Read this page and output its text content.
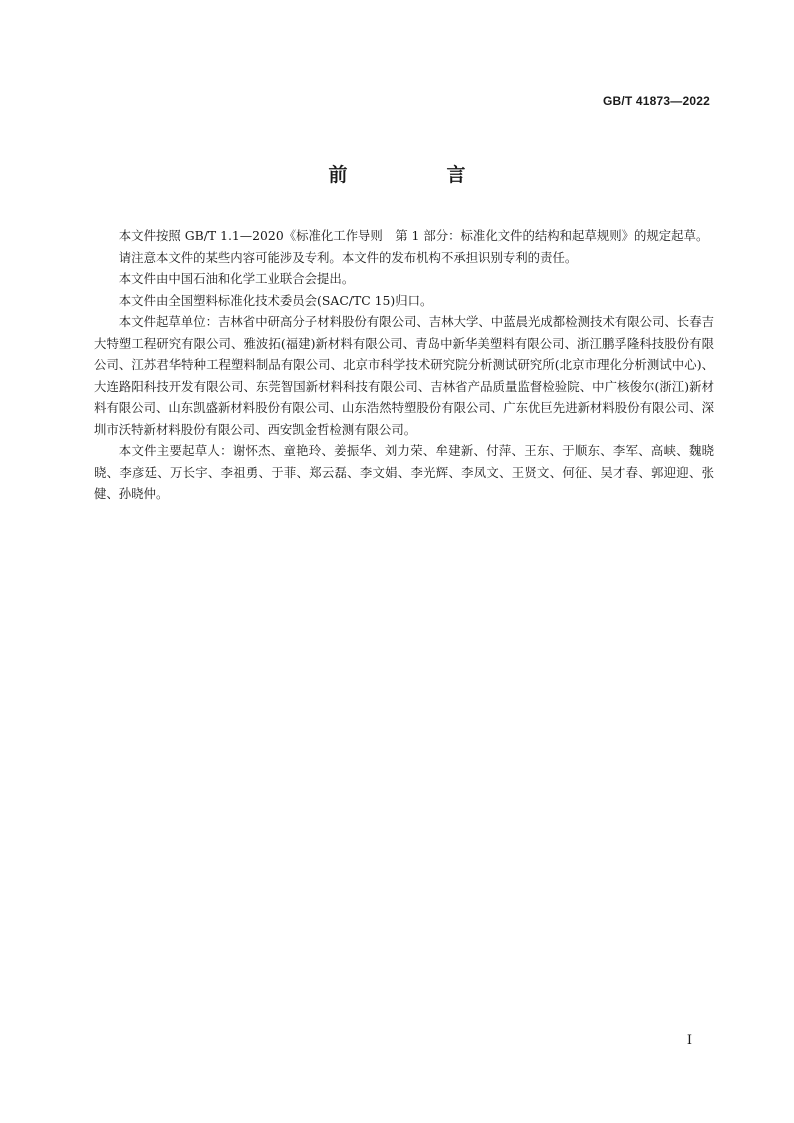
GB/T 41873—2022
前　言

本文件按照 GB/T 1.1—2020《标准化工作导则　第 1 部分：标准化文件的结构和起草规则》的规定起草。

请注意本文件的某些内容可能涉及专利。本文件的发布机构不承担识别专利的责任。

本文件由中国石油和化学工业联合会提出。

本文件由全国塑料标准化技术委员会(SAC/TC 15)归口。

本文件起草单位：吉林省中研高分子材料股份有限公司、吉林大学、中蓝晨光成都检测技术有限公司、长春吉大特塑工程研究有限公司、雅波拓(福建)新材料有限公司、青岛中新华美塑料有限公司、浙江鹏孚隆科技股份有限公司、江苏君华特种工程塑料制品有限公司、北京市科学技术研究院分析测试研究所(北京市理化分析测试中心)、大连路阳科技开发有限公司、东莞智国新材料科技有限公司、吉林省产品质量监督检验院、中广核俊尔(浙江)新材料有限公司、山东凯盛新材料股份有限公司、山东浩然特塑股份有限公司、广东优巨先进新材料股份有限公司、深圳市沃特新材料股份有限公司、西安凯金哲检测有限公司。

本文件主要起草人：谢怀杰、童艳玲、姜振华、刘力荣、牟建新、付萍、王东、于顺东、李军、高峡、魏晓晓、李彦廷、万长宇、李祖勇、于菲、郑云磊、李文娟、李光辉、李凤文、王贤文、何征、吴才春、郭迎迎、张健、孙晓仲。

I
